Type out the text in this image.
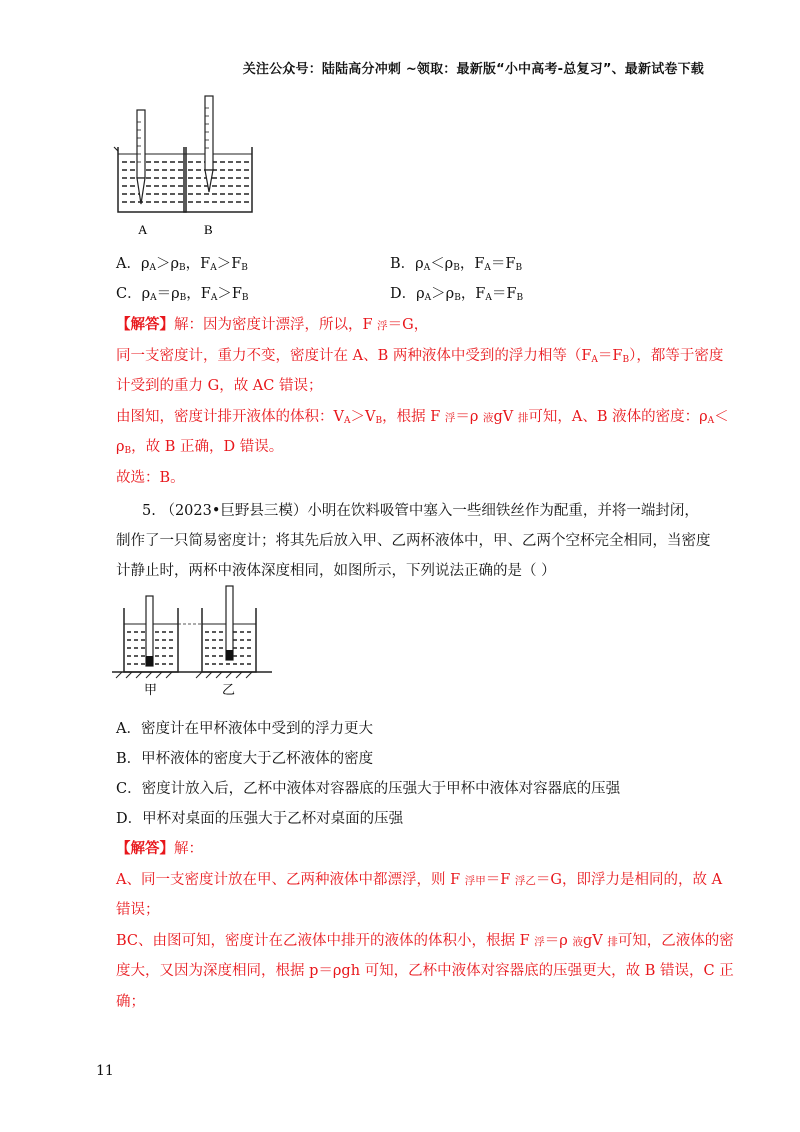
关注公众号：陆陆高分冲刺 ~领取：最新版“小中高考-总复习”、最新试卷下载
A	B
A．$\rho_A>\rho_B$，$F_A>F_B$	B．$\rho_A<\rho_B$，$F_A=F_B$
C．$\rho_A=\rho_B$，$F_A>F_B$	D．$\rho_A>\rho_B$，$F_A=F_B$
【解答】解：因为密度计漂浮，所以，F 浮＝G，
同一支密度计，重力不变，密度计在 A、B 两种液体中受到的浮力相等$(F_A=F_B)$，都等于密度
计受到的重力 G，故 AC 错误；
由图知，密度计排开液体的体积：$V_A>V_B$，根据 F 浮＝ρ 液gV 排可知，A、B 液体的密度：$\rho_A<$
$\rho_B$，故 B 正确，D 错误。
故选：B。
5. （2023•巨野县三模）小明在饮料吸管中塞入一些细铁丝作为配重，并将一端封闭，
制作了一只简易密度计；将其先后放入甲、乙两杯液体中，甲、乙两个空杯完全相同，当密度
计静止时，两杯中液体深度相同，如图所示，下列说法正确的是（ ）
甲	乙
A．密度计在甲杯液体中受到的浮力更大
B．甲杯液体的密度大于乙杯液体的密度
C．密度计放入后，乙杯中液体对容器底的压强大于甲杯中液体对容器底的压强
D．甲杯对桌面的压强大于乙杯对桌面的压强
【解答】解：
A、同一支密度计放在甲、乙两种液体中都漂浮，则 F 浮甲＝F 浮乙＝G，即浮力是相同的，故 A
错误；
BC、由图可知，密度计在乙液体中排开的液体的体积小，根据 F 浮＝ρ 液gV 排可知，乙液体的密
度大，又因为深度相同，根据 p＝ρgh 可知，乙杯中液体对容器底的压强更大，故 B 错误，C 正
确；
11
